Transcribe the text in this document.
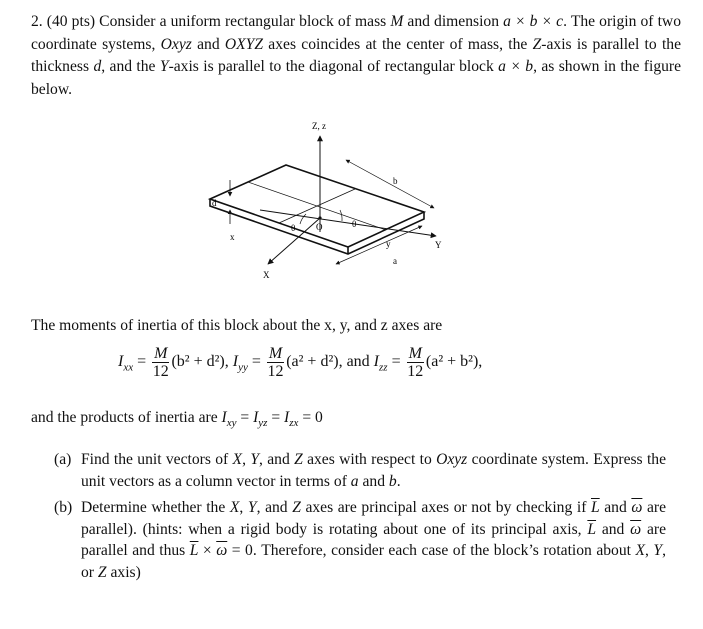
2. (40 pts) Consider a uniform rectangular block of mass M and dimension a × b × c. The origin of two coordinate systems, Oxyz and OXYZ axes coincides at the center of mass, the Z-axis is parallel to the thickness d, and the Y-axis is parallel to the diagonal of rectangular block a × b, as shown in the figure below.
Z, z
Y
X
x
y
O
θ	θ
b
a
d
The moments of inertia of this block about the x, y, and z axes are
$I_{xx} = \frac{M}{12} (b^2 + d^2)$, $I_{yy} = \frac{M}{12} (a^2 + d^2)$, and $I_{zz} = \frac{M}{12} (a^2 + b^2)$,
and the products of inertia are $I_{xy} = I_{yz} = I_{zx} = 0$
(a) Find the unit vectors of X, Y, and Z axes with respect to Oxyz coordinate system. Express the unit vectors as a column vector in terms of a and b.
(b) Determine whether the X, Y, and Z axes are principal axes or not by checking if $\overline{L}$ and $\overline{\omega}$ are parallel). (hints: when a rigid body is rotating about one of its principal axis, $\overline{L}$ and $\overline{\omega}$ are parallel and thus $\overline{L} \times \overline{\omega} = 0$. Therefore, consider each case of the block’s rotation about X, Y, or Z axis)
